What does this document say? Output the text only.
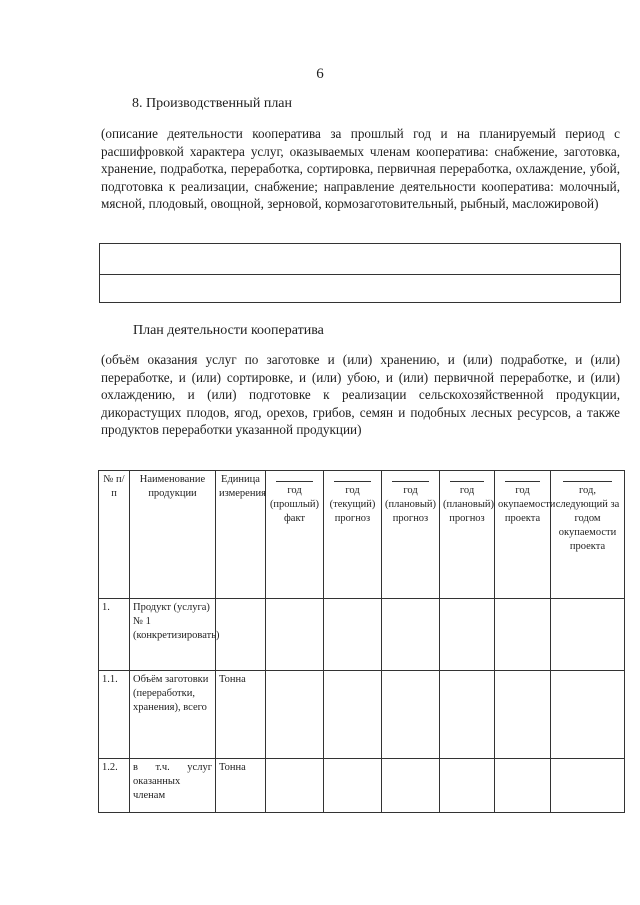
6
8. Производственный план
(описание деятельности кооператива за прошлый год и на планируемый период с расшифровкой характера услуг, оказываемых членам кооператива: снабжение, заготовка, хранение, подработка, переработка, сортировка, первичная переработка, охлаждение, убой, подготовка к реализации, снабжение; направление деятельности кооператива: молочный, мясной, плодовый, овощной, зерновой, кормозаготовительный, рыбный, масложировой)
План деятельности кооператива
(объём оказания услуг по заготовке и (или) хранению, и (или) подработке, и (или) переработке, и (или) сортировке, и (или) убою, и (или) первичной переработке, и (или) охлаждению, и (или) подготовке к реализации сельскохозяйственной продукции, дикорастущих плодов, ягод, орехов, грибов, семян и подобных лесных ресурсов, а также продуктов переработки указанной продукции)
№ п/п	Наименование продукции	Единица измерения	год (прошлый) факт	год (текущий) прогноз	год (плановый) прогноз	год (плановый) прогноз	год окупаемости проекта	год, следующий за годом окупаемости проекта
1.	Продукт (услуга) № 1 (конкретизировать)							
1.1.	Объём заготовки (переработки, хранения), всего	Тонна						
1.2.	в т.ч. услуг оказанных членам	Тонна						
